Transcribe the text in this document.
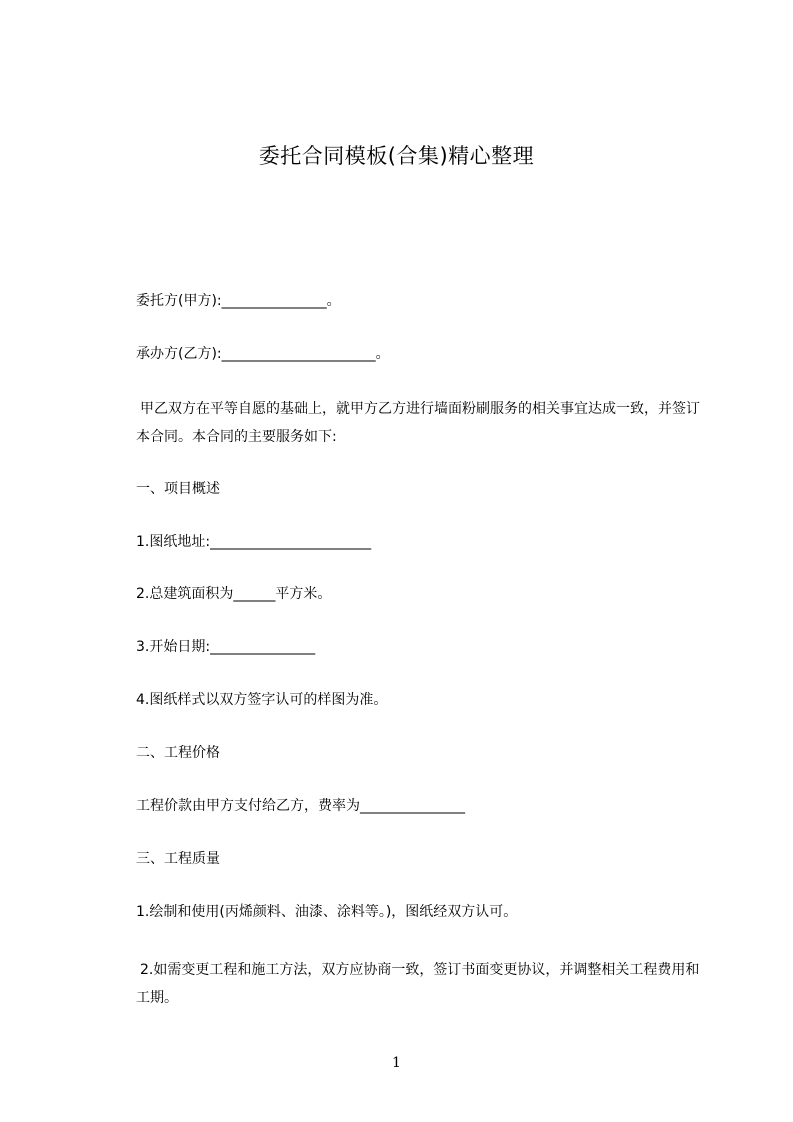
委托合同模板(合集)精心整理
委托方(甲方):_______________。
承办方(乙方):______________________。
甲乙双方在平等自愿的基础上，就甲方乙方进行墙面粉刷服务的相关事宜达成一致，并签订本合同。本合同的主要服务如下:
一、项目概述
1.图纸地址:_______________________
2.总建筑面积为______平方米。
3.开始日期:_______________
4.图纸样式以双方签字认可的样图为准。
二、工程价格
工程价款由甲方支付给乙方，费率为_______________
三、工程质量
1.绘制和使用(丙烯颜料、油漆、涂料等。)，图纸经双方认可。
2.如需变更工程和施工方法，双方应协商一致，签订书面变更协议，并调整相关工程费用和工期。
1
